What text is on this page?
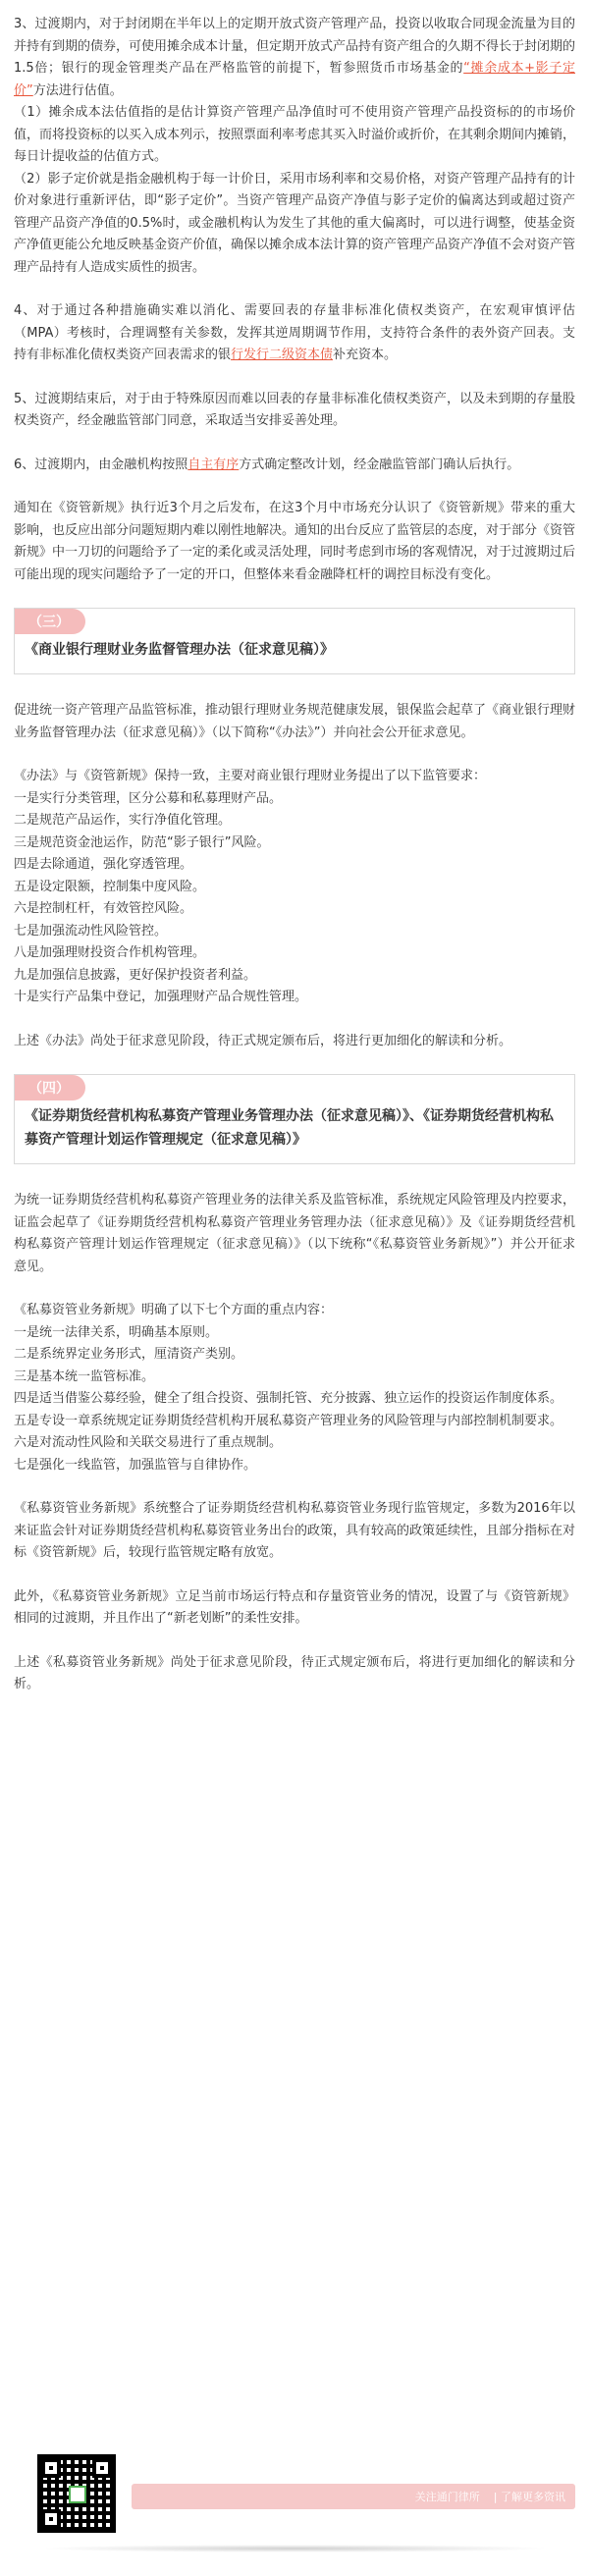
3、过渡期内，对于封闭期在半年以上的定期开放式资产管理产品，投资以收取合同现金流量为目的并持有到期的债券，可使用摊余成本计量，但定期开放式产品持有资产组合的久期不得长于封闭期的1.5倍；银行的现金管理类产品在严格监管的前提下，暂参照货币市场基金的“摊余成本+影子定价”方法进行估值。

（1）摊余成本法估值指的是估计算资产管理产品净值时可不使用资产管理产品投资标的的市场价值，而将投资标的以买入成本列示，按照票面利率考虑其买入时溢价或折价，在其剩余期间内摊销，每日计提收益的估值方式。

（2）影子定价就是指金融机构于每一计价日，采用市场利率和交易价格，对资产管理产品持有的计价对象进行重新评估，即“影子定价”。当资产管理产品资产净值与影子定价的偏离达到或超过资产管理产品资产净值的0.5%时，或金融机构认为发生了其他的重大偏离时，可以进行调整，使基金资产净值更能公允地反映基金资产价值，确保以摊余成本法计算的资产管理产品资产净值不会对资产管理产品持有人造成实质性的损害。

4、对于通过各种措施确实难以消化、需要回表的存量非标准化债权类资产，在宏观审慎评估（MPA）考核时，合理调整有关参数，发挥其逆周期调节作用，支持符合条件的表外资产回表。支持有非标准化债权类资产回表需求的银行发行二级资本债补充资本。

5、过渡期结束后，对于由于特殊原因而难以回表的存量非标准化债权类资产，以及未到期的存量股权类资产，经金融监管部门同意，采取适当安排妥善处理。

6、过渡期内，由金融机构按照自主有序方式确定整改计划，经金融监管部门确认后执行。

通知在《资管新规》执行近3个月之后发布，在这3个月中市场充分认识了《资管新规》带来的重大影响，也反应出部分问题短期内难以刚性地解决。通知的出台反应了监管层的态度，对于部分《资管新规》中一刀切的问题给予了一定的柔化或灵活处理，同时考虑到市场的客观情况，对于过渡期过后可能出现的现实问题给予了一定的开口，但整体来看金融降杠杆的调控目标没有变化。

（三）
《商业银行理财业务监督管理办法（征求意见稿）》

促进统一资产管理产品监管标准，推动银行理财业务规范健康发展，银保监会起草了《商业银行理财业务监督管理办法（征求意见稿）》（以下简称“《办法》”）并向社会公开征求意见。

《办法》与《资管新规》保持一致，主要对商业银行理财业务提出了以下监管要求：

一是实行分类管理，区分公募和私募理财产品。
二是规范产品运作，实行净值化管理。
三是规范资金池运作，防范“影子银行”风险。
四是去除通道，强化穿透管理。
五是设定限额，控制集中度风险。
六是控制杠杆，有效管控风险。
七是加强流动性风险管控。
八是加强理财投资合作机构管理。
九是加强信息披露，更好保护投资者利益。
十是实行产品集中登记，加强理财产品合规性管理。

上述《办法》尚处于征求意见阶段，待正式规定颁布后，将进行更加细化的解读和分析。

（四）
《证券期货经营机构私募资产管理业务管理办法（征求意见稿）》、《证券期货经营机构私募资产管理计划运作管理规定（征求意见稿）》

为统一证券期货经营机构私募资产管理业务的法律关系及监管标准，系统规定风险管理及内控要求，证监会起草了《证券期货经营机构私募资产管理业务管理办法（征求意见稿）》及《证券期货经营机构私募资产管理计划运作管理规定（征求意见稿）》（以下统称“《私募资管业务新规》”）并公开征求意见。

《私募资管业务新规》明确了以下七个方面的重点内容：

一是统一法律关系，明确基本原则。
二是系统界定业务形式，厘清资产类别。
三是基本统一监管标准。
四是适当借鉴公募经验，健全了组合投资、强制托管、充分披露、独立运作的投资运作制度体系。
五是专设一章系统规定证券期货经营机构开展私募资产管理业务的风险管理与内部控制机制要求。
六是对流动性风险和关联交易进行了重点规制。
七是强化一线监管，加强监管与自律协作。

《私募资管业务新规》系统整合了证券期货经营机构私募资管业务现行监管规定，多数为2016年以来证监会针对证券期货经营机构私募资管业务出台的政策，具有较高的政策延续性，且部分指标在对标《资管新规》后，较现行监管规定略有放宽。

此外，《私募资管业务新规》立足当前市场运行特点和存量资管业务的情况，设置了与《资管新规》相同的过渡期，并且作出了“新老划断”的柔性安排。

上述《私募资管业务新规》尚处于征求意见阶段，待正式规定颁布后，将进行更加细化的解读和分析。

关注通门律所 | 了解更多资讯
